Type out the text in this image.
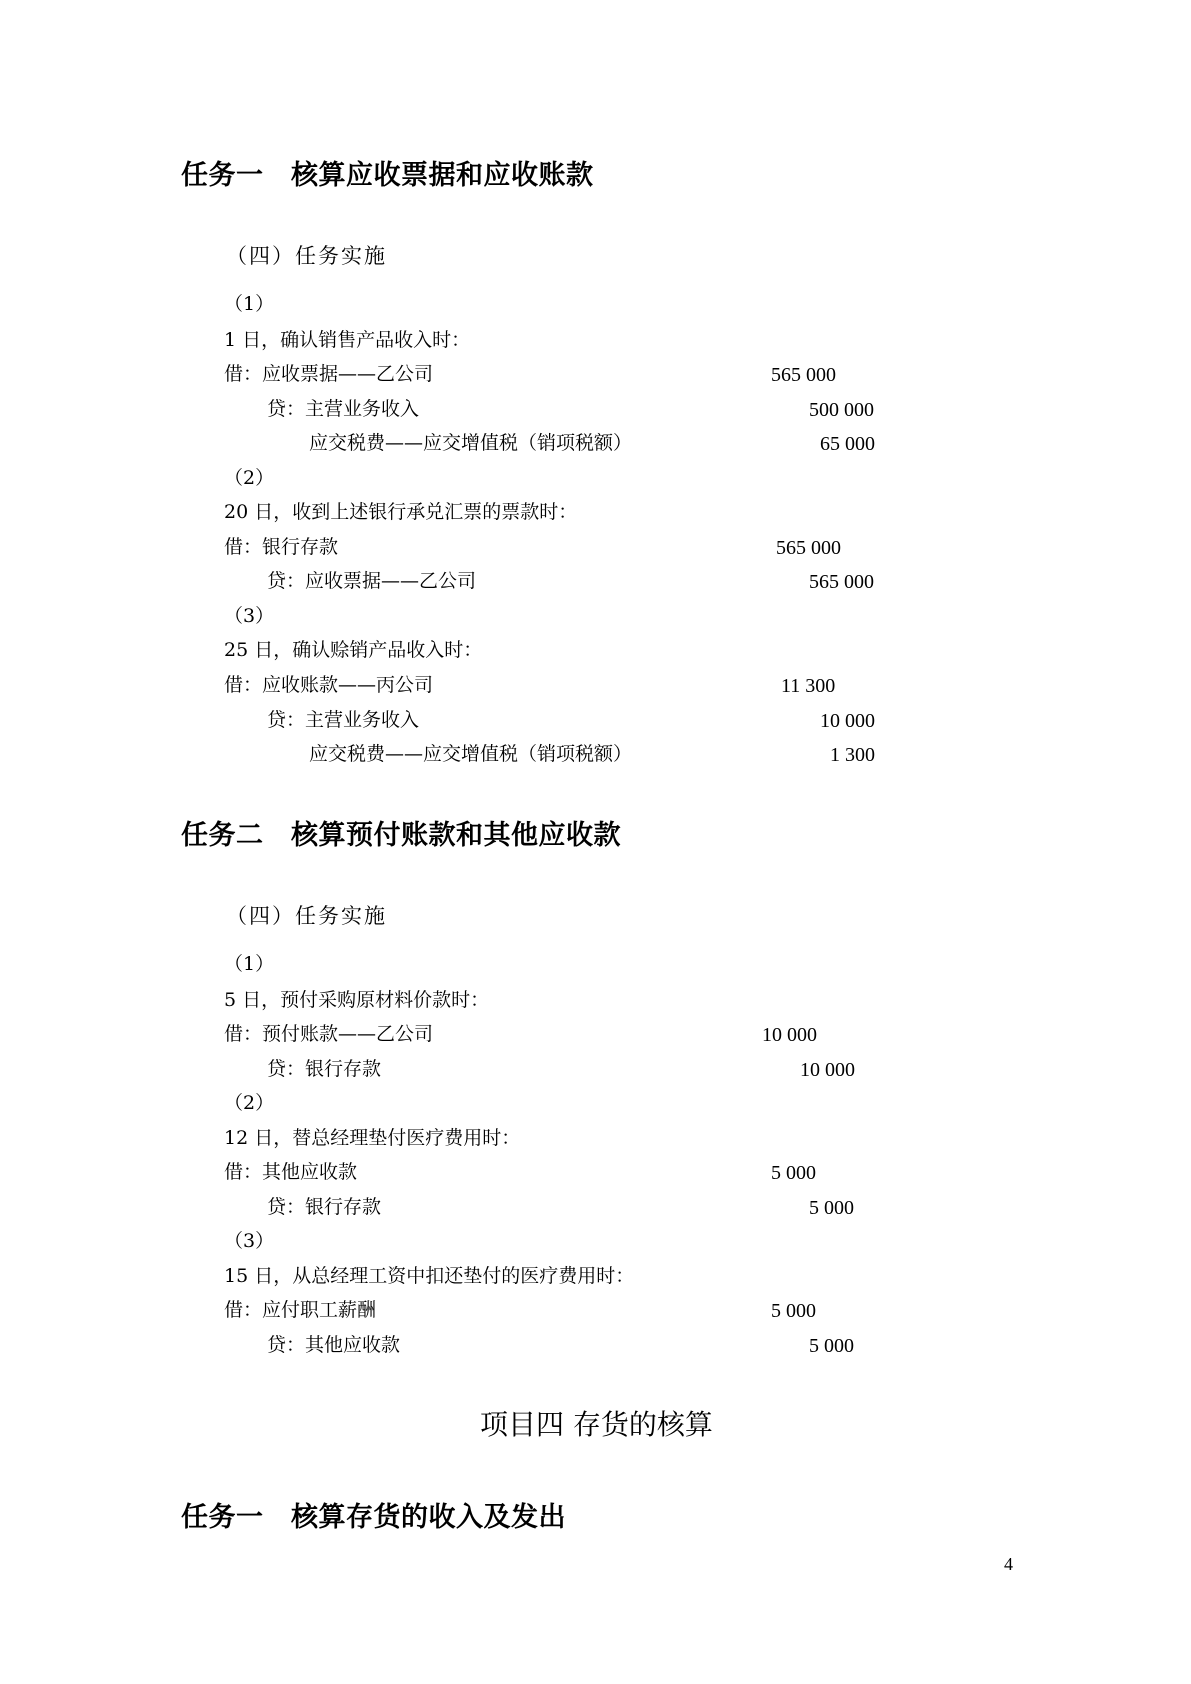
任务一　核算应收票据和应收账款
（四）任务实施
（1）
1 日，确认销售产品收入时：
借：应收票据——乙公司	565 000
贷：主营业务收入	500 000
应交税费——应交增值税（销项税额）	65 000
（2）
20 日，收到上述银行承兑汇票的票款时：
借：银行存款	565 000
贷：应收票据——乙公司	565 000
（3）
25 日，确认赊销产品收入时：
借：应收账款——丙公司	11 300
贷：主营业务收入	10 000
应交税费——应交增值税（销项税额）	1 300
任务二　核算预付账款和其他应收款
（四）任务实施
（1）
5 日，预付采购原材料价款时：
借：预付账款——乙公司	10 000
贷：银行存款	10 000
（2）
12 日，替总经理垫付医疗费用时：
借：其他应收款	5 000
贷：银行存款	5 000
（3）
15 日，从总经理工资中扣还垫付的医疗费用时：
借：应付职工薪酬	5 000
贷：其他应收款	5 000
项目四 存货的核算
任务一　核算存货的收入及发出
4
